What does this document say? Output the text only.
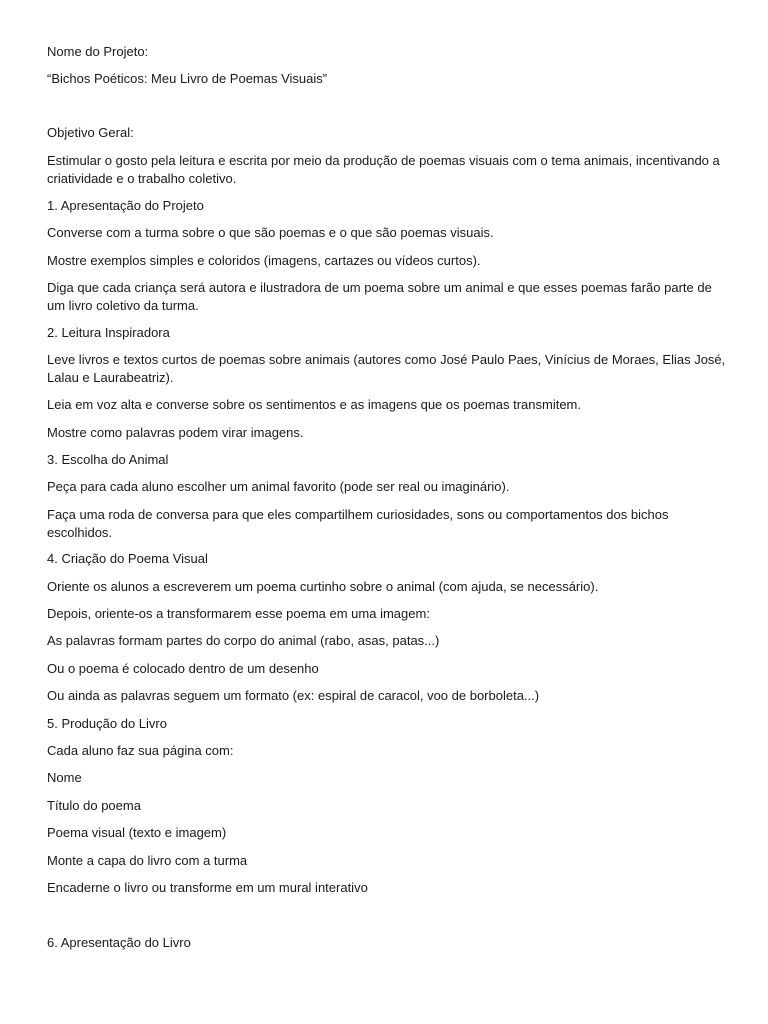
Nome do Projeto:
“Bichos Poéticos: Meu Livro de Poemas Visuais”
Objetivo Geral:
Estimular o gosto pela leitura e escrita por meio da produção de poemas visuais com o tema animais, incentivando a criatividade e o trabalho coletivo.
1. Apresentação do Projeto
Converse com a turma sobre o que são poemas e o que são poemas visuais.
Mostre exemplos simples e coloridos (imagens, cartazes ou vídeos curtos).
Diga que cada criança será autora e ilustradora de um poema sobre um animal e que esses poemas farão parte de um livro coletivo da turma.
2. Leitura Inspiradora
Leve livros e textos curtos de poemas sobre animais (autores como José Paulo Paes, Vinícius de Moraes, Elias José, Lalau e Laurabeatriz).
Leia em voz alta e converse sobre os sentimentos e as imagens que os poemas transmitem.
Mostre como palavras podem virar imagens.
3. Escolha do Animal
Peça para cada aluno escolher um animal favorito (pode ser real ou imaginário).
Faça uma roda de conversa para que eles compartilhem curiosidades, sons ou comportamentos dos bichos escolhidos.
4. Criação do Poema Visual
Oriente os alunos a escreverem um poema curtinho sobre o animal (com ajuda, se necessário).
Depois, oriente-os a transformarem esse poema em uma imagem:
As palavras formam partes do corpo do animal (rabo, asas, patas...)
Ou o poema é colocado dentro de um desenho
Ou ainda as palavras seguem um formato (ex: espiral de caracol, voo de borboleta...)
5. Produção do Livro
Cada aluno faz sua página com:
Nome
Título do poema
Poema visual (texto e imagem)
Monte a capa do livro com a turma
Encaderne o livro ou transforme em um mural interativo
6. Apresentação do Livro
